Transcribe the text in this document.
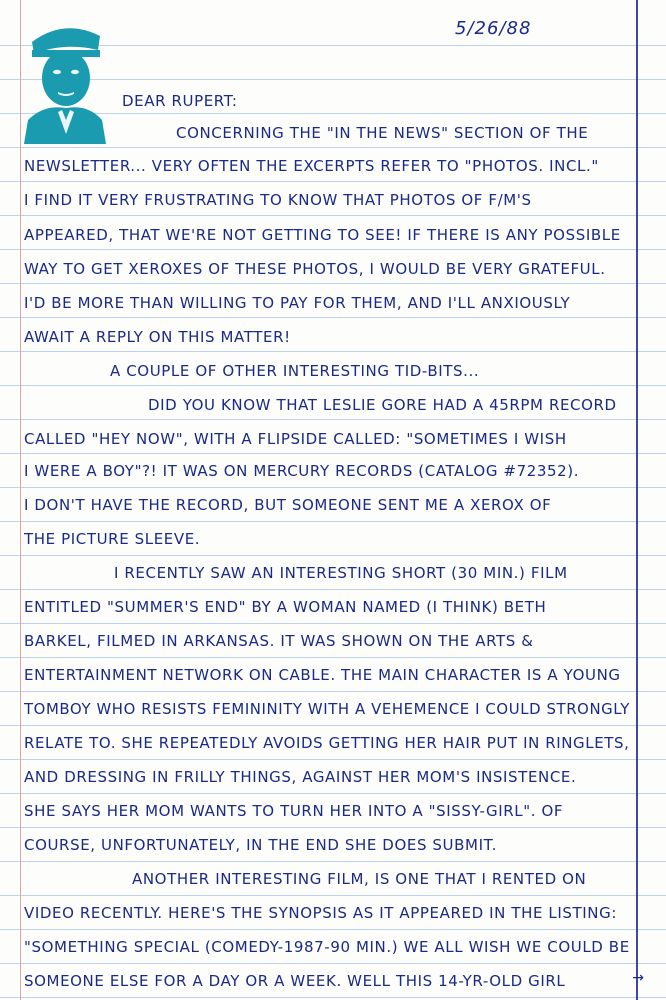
5/26/88
DEAR RUPERT:
CONCERNING THE "IN THE NEWS" SECTION OF THE
NEWSLETTER... VERY OFTEN THE EXCERPTS REFER TO "PHOTOS. INCL."
I FIND IT VERY FRUSTRATING TO KNOW THAT PHOTOS OF F/M'S
APPEARED, THAT WE'RE NOT GETTING TO SEE! IF THERE IS ANY POSSIBLE
WAY TO GET XEROXES OF THESE PHOTOS, I WOULD BE VERY GRATEFUL.
I'D BE MORE THAN WILLING TO PAY FOR THEM, AND I'LL ANXIOUSLY
AWAIT A REPLY ON THIS MATTER!
A COUPLE OF OTHER INTERESTING TID-BITS...
DID YOU KNOW THAT LESLIE GORE HAD A 45RPM RECORD
CALLED "HEY NOW", WITH A FLIPSIDE CALLED: "SOMETIMES I WISH
I WERE A BOY"?! IT WAS ON MERCURY RECORDS (CATALOG #72352).
I DON'T HAVE THE RECORD, BUT SOMEONE SENT ME A XEROX OF
THE PICTURE SLEEVE.
I RECENTLY SAW AN INTERESTING SHORT (30 MIN.) FILM
ENTITLED "SUMMER'S END" BY A WOMAN NAMED (I THINK) BETH
BARKEL, FILMED IN ARKANSAS. IT WAS SHOWN ON THE ARTS &
ENTERTAINMENT NETWORK ON CABLE. THE MAIN CHARACTER IS A YOUNG
TOMBOY WHO RESISTS FEMININITY WITH A VEHEMENCE I COULD STRONGLY
RELATE TO. SHE REPEATEDLY AVOIDS GETTING HER HAIR PUT IN RINGLETS,
AND DRESSING IN FRILLY THINGS, AGAINST HER MOM'S INSISTENCE.
SHE SAYS HER MOM WANTS TO TURN HER INTO A "SISSY-GIRL". OF
COURSE, UNFORTUNATELY, IN THE END SHE DOES SUBMIT.
ANOTHER INTERESTING FILM, IS ONE THAT I RENTED ON
VIDEO RECENTLY. HERE'S THE SYNOPSIS AS IT APPEARED IN THE LISTING:
"SOMETHING SPECIAL (COMEDY-1987-90 MIN.) WE ALL WISH WE COULD BE
SOMEONE ELSE FOR A DAY OR A WEEK. WELL THIS 14-YR-OLD GIRL	→
